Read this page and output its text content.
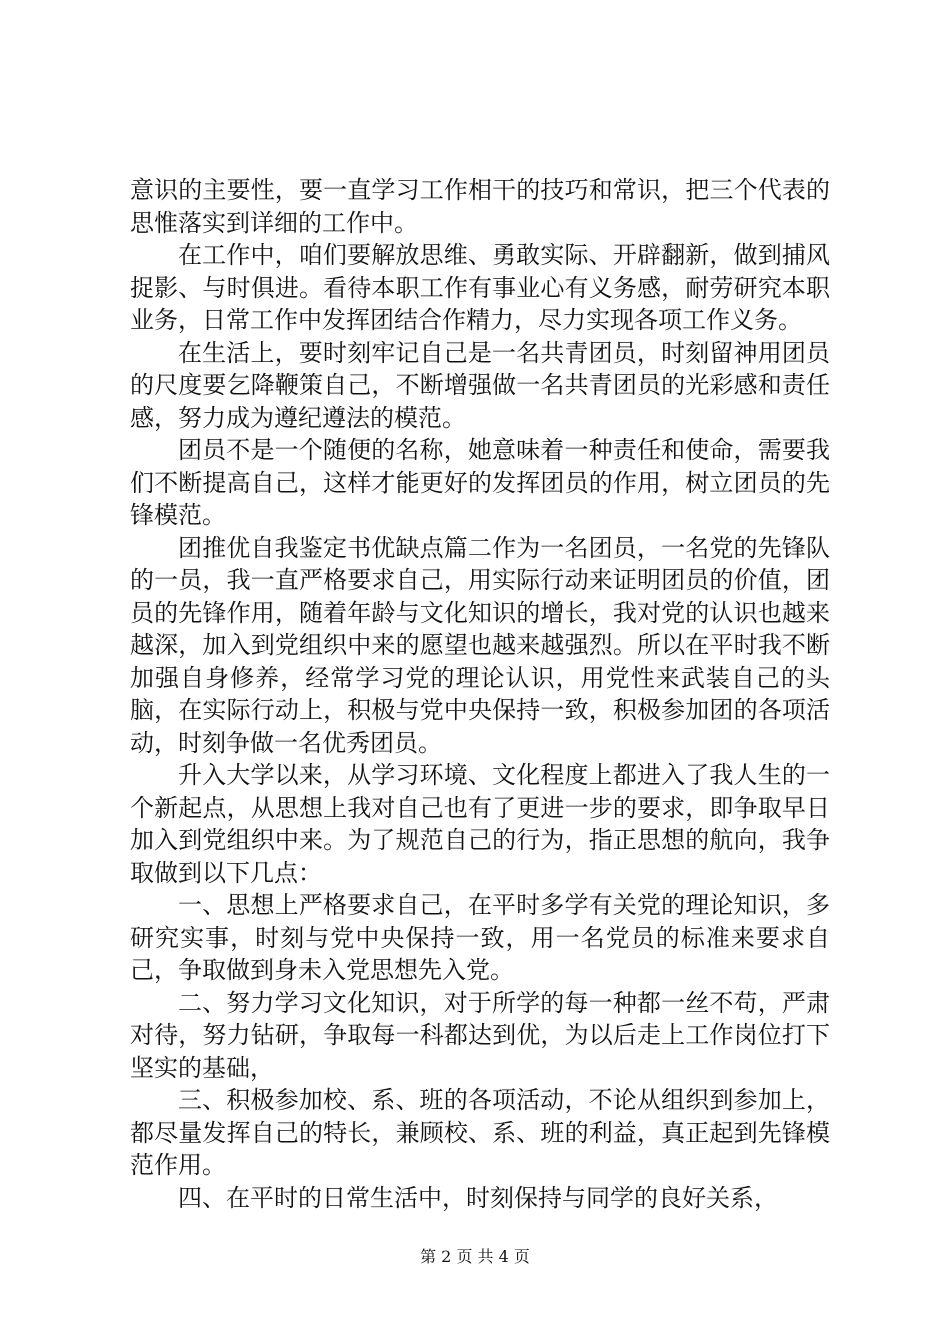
意识的主要性，要一直学习工作相干的技巧和常识，把三个代表的思惟落实到详细的工作中。

在工作中，咱们要解放思维、勇敢实际、开辟翻新，做到捕风捉影、与时俱进。看待本职工作有事业心有义务感，耐劳研究本职业务，日常工作中发挥团结合作精力，尽力实现各项工作义务。

在生活上，要时刻牢记自己是一名共青团员，时刻留神用团员的尺度要乞降鞭策自己，不断增强做一名共青团员的光彩感和责任感，努力成为遵纪遵法的模范。

团员不是一个随便的名称，她意味着一种责任和使命，需要我们不断提高自己，这样才能更好的发挥团员的作用，树立团员的先锋模范。

团推优自我鉴定书优缺点篇二作为一名团员，一名党的先锋队的一员，我一直严格要求自己，用实际行动来证明团员的价值，团员的先锋作用，随着年龄与文化知识的增长，我对党的认识也越来越深，加入到党组织中来的愿望也越来越强烈。所以在平时我不断加强自身修养，经常学习党的理论认识，用党性来武装自己的头脑，在实际行动上，积极与党中央保持一致，积极参加团的各项活动，时刻争做一名优秀团员。

升入大学以来，从学习环境、文化程度上都进入了我人生的一个新起点，从思想上我对自己也有了更进一步的要求，即争取早日加入到党组织中来。为了规范自己的行为，指正思想的航向，我争取做到以下几点：

一、思想上严格要求自己，在平时多学有关党的理论知识，多研究实事，时刻与党中央保持一致，用一名党员的标准来要求自己，争取做到身未入党思想先入党。

二、努力学习文化知识，对于所学的每一种都一丝不苟，严肃对待，努力钻研，争取每一科都达到优，为以后走上工作岗位打下坚实的基础，

三、积极参加校、系、班的各项活动，不论从组织到参加上，都尽量发挥自己的特长，兼顾校、系、班的利益，真正起到先锋模范作用。

四、在平时的日常生活中，时刻保持与同学的良好关系，

第 2 页 共 4 页
